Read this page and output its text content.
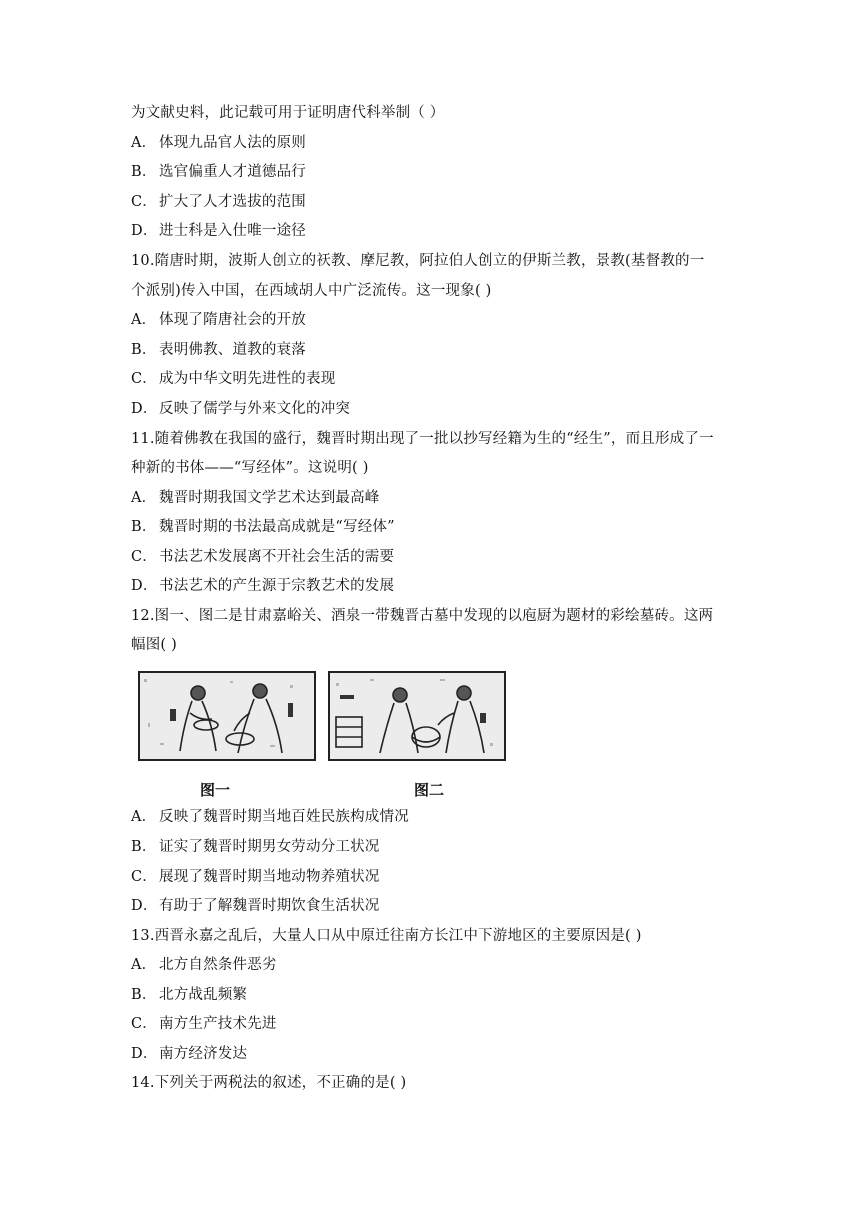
为文献史料，此记载可用于证明唐代科举制（ ）
A． 体现九品官人法的原则
B． 选官偏重人才道德品行
C． 扩大了人才选拔的范围
D．进士科是入仕唯一途径
10.隋唐时期，波斯人创立的祆教、摩尼教，阿拉伯人创立的伊斯兰教，景教(基督教的一
个派别)传入中国，在西域胡人中广泛流传。这一现象( )
A． 体现了隋唐社会的开放
B． 表明佛教、道教的衰落
C． 成为中华文明先进性的表现
D．反映了儒学与外来文化的冲突
11.随着佛教在我国的盛行，魏晋时期出现了一批以抄写经籍为生的“经生”，而且形成了一
种新的书体——“写经体”。这说明( )
A． 魏晋时期我国文学艺术达到最高峰
B． 魏晋时期的书法最高成就是“写经体”
C． 书法艺术发展离不开社会生活的需要
D．书法艺术的产生源于宗教艺术的发展
12.图一、图二是甘肃嘉峪关、酒泉一带魏晋古墓中发现的以庖厨为题材的彩绘墓砖。这两
幅图( )
图一	图二
A． 反映了魏晋时期当地百姓民族构成情况
B． 证实了魏晋时期男女劳动分工状况
C． 展现了魏晋时期当地动物养殖状况
D．有助于了解魏晋时期饮食生活状况
13.西晋永嘉之乱后，大量人口从中原迁往南方长江中下游地区的主要原因是( )
A． 北方自然条件恶劣
B． 北方战乱频繁
C． 南方生产技术先进
D．南方经济发达
14.下列关于两税法的叙述，不正确的是( )
